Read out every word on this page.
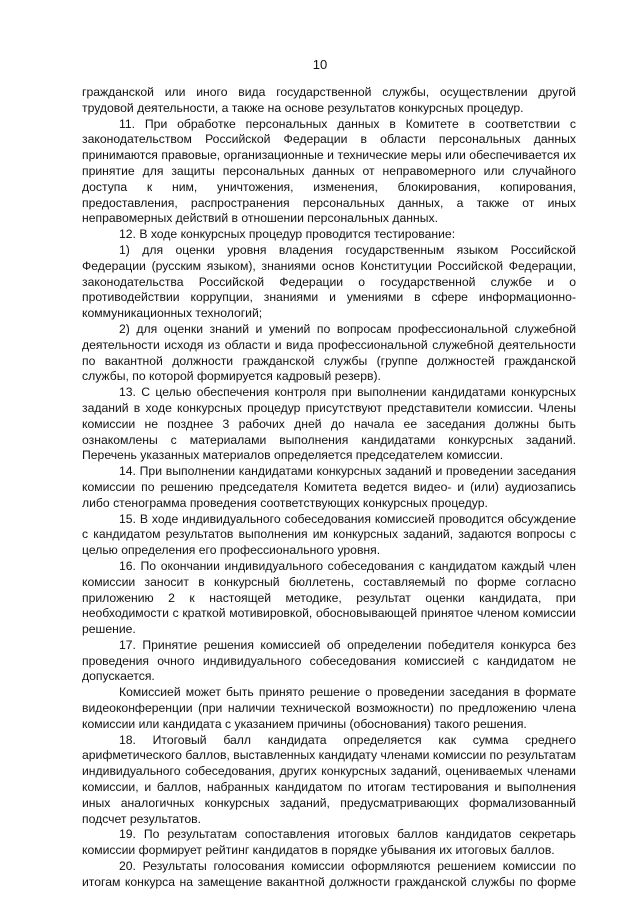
10

гражданской или иного вида государственной службы, осуществлении другой трудовой деятельности, а также на основе результатов конкурсных процедур.

11. При обработке персональных данных в Комитете в соответствии с законодательством Российской Федерации в области персональных данных принимаются правовые, организационные и технические меры или обеспечивается их принятие для защиты персональных данных от неправомерного или случайного доступа к ним, уничтожения, изменения, блокирования, копирования, предоставления, распространения персональных данных, а также от иных неправомерных действий в отношении персональных данных.

12. В ходе конкурсных процедур проводится тестирование:

1) для оценки уровня владения государственным языком Российской Федерации (русским языком), знаниями основ Конституции Российской Федерации, законодательства Российской Федерации о государственной службе и о противодействии коррупции, знаниями и умениями в сфере информационно-коммуникационных технологий;

2) для оценки знаний и умений по вопросам профессиональной служебной деятельности исходя из области и вида профессиональной служебной деятельности по вакантной должности гражданской службы (группе должностей гражданской службы, по которой формируется кадровый резерв).

13. С целью обеспечения контроля при выполнении кандидатами конкурсных заданий в ходе конкурсных процедур присутствуют представители комиссии. Члены комиссии не позднее 3 рабочих дней до начала ее заседания должны быть ознакомлены с материалами выполнения кандидатами конкурсных заданий. Перечень указанных материалов определяется председателем комиссии.

14. При выполнении кандидатами конкурсных заданий и проведении заседания комиссии по решению председателя Комитета ведется видео- и (или) аудиозапись либо стенограмма проведения соответствующих конкурсных процедур.

15. В ходе индивидуального собеседования комиссией проводится обсуждение с кандидатом результатов выполнения им конкурсных заданий, задаются вопросы с целью определения его профессионального уровня.

16. По окончании индивидуального собеседования с кандидатом каждый член комиссии заносит в конкурсный бюллетень, составляемый по форме согласно приложению 2 к настоящей методике, результат оценки кандидата, при необходимости с краткой мотивировкой, обосновывающей принятое членом комиссии решение.

17. Принятие решения комиссией об определении победителя конкурса без проведения очного индивидуального собеседования комиссией с кандидатом не допускается.

Комиссией может быть принято решение о проведении заседания в формате видеоконференции (при наличии технической возможности) по предложению члена комиссии или кандидата с указанием причины (обоснования) такого решения.

18. Итоговый балл кандидата определяется как сумма среднего арифметического баллов, выставленных кандидату членами комиссии по результатам индивидуального собеседования, других конкурсных заданий, оцениваемых членами комиссии, и баллов, набранных кандидатом по итогам тестирования и выполнения иных аналогичных конкурсных заданий, предусматривающих формализованный подсчет результатов.

19. По результатам сопоставления итоговых баллов кандидатов секретарь комиссии формирует рейтинг кандидатов в порядке убывания их итоговых баллов.

20. Результаты голосования комиссии оформляются решением комиссии по итогам конкурса на замещение вакантной должности гражданской службы по форме
